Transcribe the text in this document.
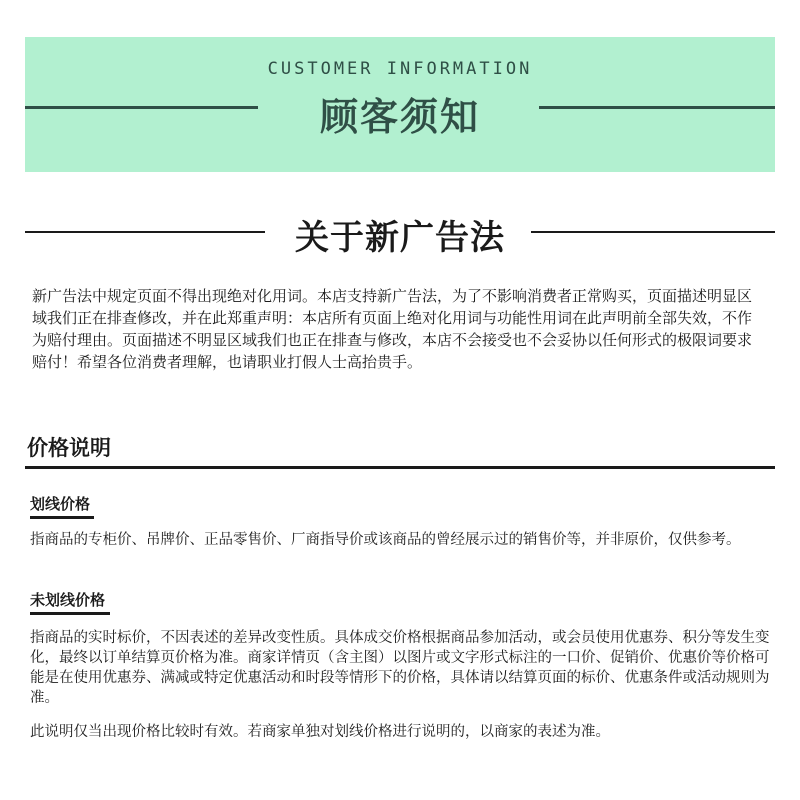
CUSTOMER INFORMATION
顾客须知
关于新广告法

新广告法中规定页面不得出现绝对化用词。本店支持新广告法，为了不影响消费者正常购买，页面描述明显区域我们正在排查修改，并在此郑重声明：本店所有页面上绝对化用词与功能性用词在此声明前全部失效，不作为赔付理由。页面描述不明显区域我们也正在排查与修改，本店不会接受也不会妥协以任何形式的极限词要求赔付！希望各位消费者理解，也请职业打假人士高抬贵手。

价格说明
划线价格

指商品的专柜价、吊牌价、正品零售价、厂商指导价或该商品的曾经展示过的销售价等，并非原价，仅供参考。

未划线价格

指商品的实时标价，不因表述的差异改变性质。具体成交价格根据商品参加活动，或会员使用优惠券、积分等发生变化，最终以订单结算页价格为准。商家详情页（含主图）以图片或文字形式标注的一口价、促销价、优惠价等价格可能是在使用优惠券、满减或特定优惠活动和时段等情形下的价格，具体请以结算页面的标价、优惠条件或活动规则为准。

此说明仅当出现价格比较时有效。若商家单独对划线价格进行说明的，以商家的表述为准。
